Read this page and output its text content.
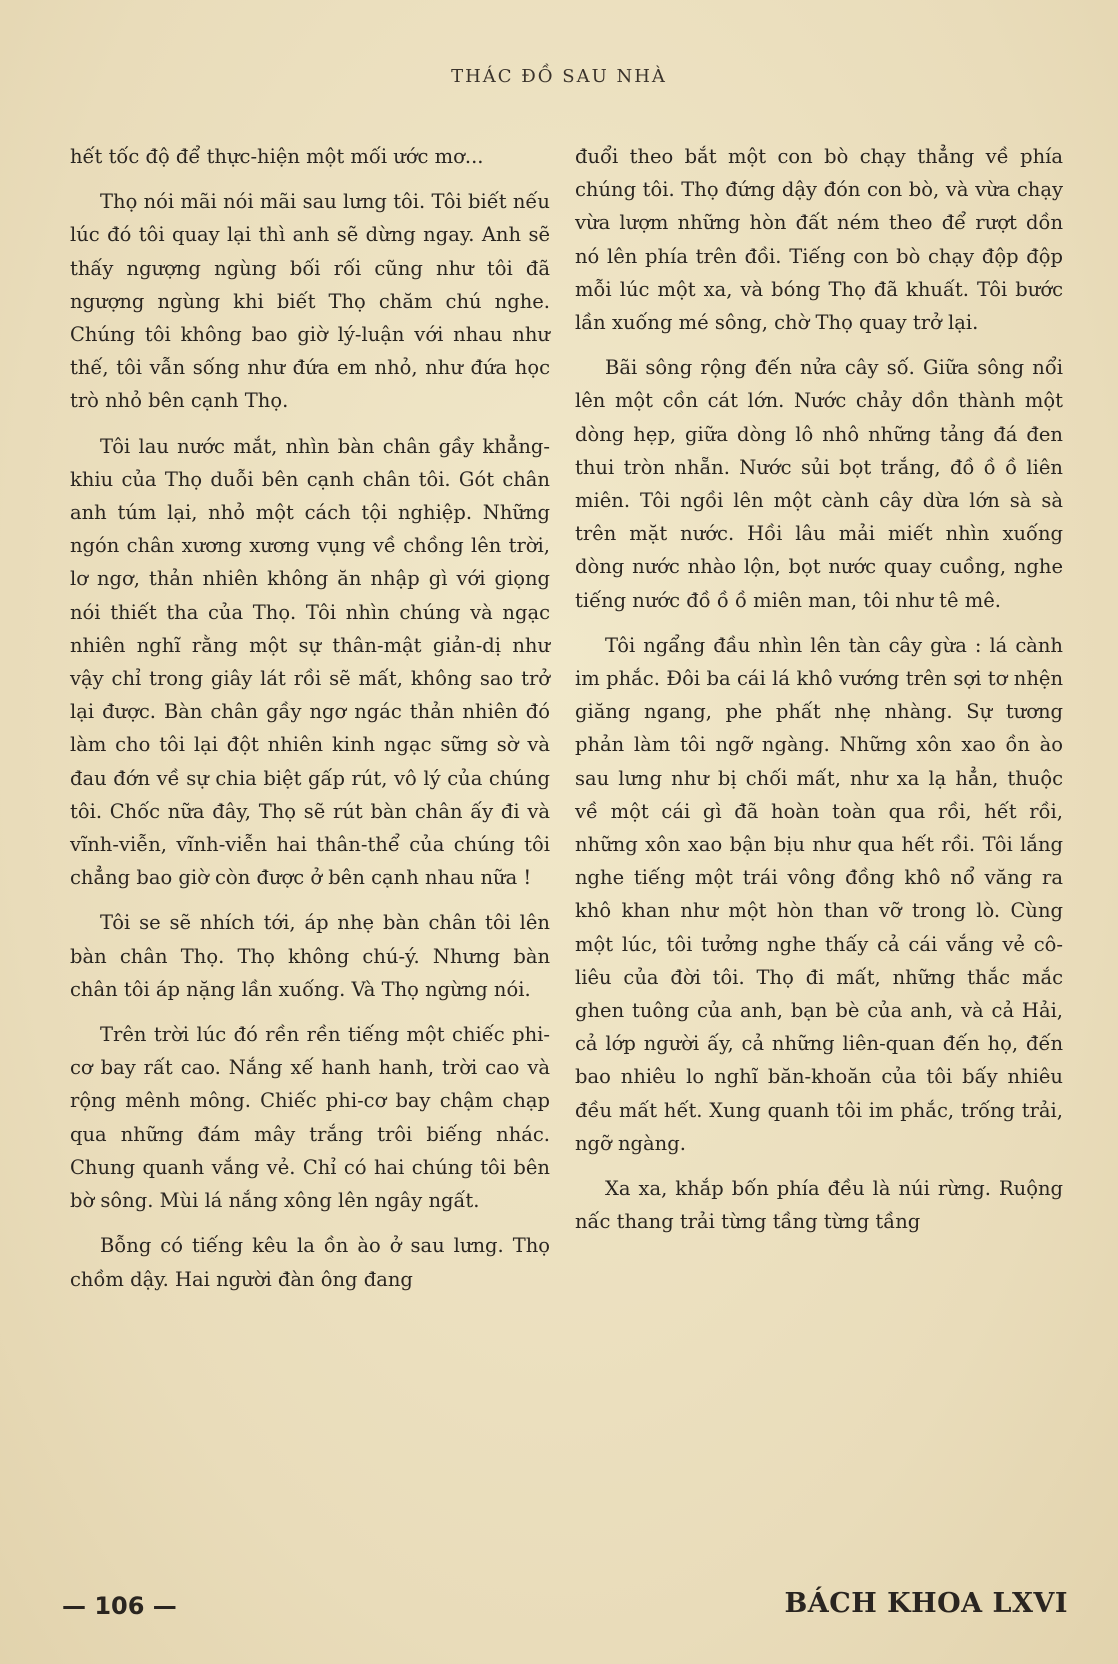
THÁC ĐỒ SAU NHÀ

hết tốc độ để thực-hiện một mối ước mơ...

Thọ nói mãi nói mãi sau lưng tôi. Tôi biết nếu lúc đó tôi quay lại thì anh sẽ dừng ngay. Anh sẽ thấy ngượng ngùng bối rối cũng như tôi đã ngượng ngùng khi biết Thọ chăm chú nghe. Chúng tôi không bao giờ lý-luận với nhau như thế, tôi vẫn sống như đứa em nhỏ, như đứa học trò nhỏ bên cạnh Thọ.

Tôi lau nước mắt, nhìn bàn chân gầy khẳng-khiu của Thọ duỗi bên cạnh chân tôi. Gót chân anh túm lại, nhỏ một cách tội nghiệp. Những ngón chân xương xương vụng về chồng lên trời, lơ ngơ, thản nhiên không ăn nhập gì với giọng nói thiết tha của Thọ. Tôi nhìn chúng và ngạc nhiên nghĩ rằng một sự thân-mật giản-dị như vậy chỉ trong giây lát rồi sẽ mất, không sao trở lại được. Bàn chân gầy ngơ ngác thản nhiên đó làm cho tôi lại đột nhiên kinh ngạc sững sờ và đau đớn về sự chia biệt gấp rút, vô lý của chúng tôi. Chốc nữa đây, Thọ sẽ rút bàn chân ấy đi và vĩnh-viễn, vĩnh-viễn hai thân-thể của chúng tôi chẳng bao giờ còn được ở bên cạnh nhau nữa !

Tôi se sẽ nhích tới, áp nhẹ bàn chân tôi lên bàn chân Thọ. Thọ không chú-ý. Nhưng bàn chân tôi áp nặng lần xuống. Và Thọ ngừng nói.

Trên trời lúc đó rền rền tiếng một chiếc phi-cơ bay rất cao. Nắng xế hanh hanh, trời cao và rộng mênh mông. Chiếc phi-cơ bay chậm chạp qua những đám mây trắng trôi biếng nhác. Chung quanh vắng vẻ. Chỉ có hai chúng tôi bên bờ sông. Mùi lá nắng xông lên ngây ngất.

Bỗng có tiếng kêu la ồn ào ở sau lưng. Thọ chồm dậy. Hai người đàn ông đang

đuổi theo bắt một con bò chạy thẳng về phía chúng tôi. Thọ đứng dậy đón con bò, và vừa chạy vừa lượm những hòn đất ném theo để rượt dồn nó lên phía trên đồi. Tiếng con bò chạy độp độp mỗi lúc một xa, và bóng Thọ đã khuất. Tôi bước lần xuống mé sông, chờ Thọ quay trở lại.

Bãi sông rộng đến nửa cây số. Giữa sông nổi lên một cồn cát lớn. Nước chảy dồn thành một dòng hẹp, giữa dòng lô nhô những tảng đá đen thui tròn nhẵn. Nước sủi bọt trắng, đồ ồ ồ liên miên. Tôi ngồi lên một cành cây dừa lớn sà sà trên mặt nước. Hồi lâu mải miết nhìn xuống dòng nước nhào lộn, bọt nước quay cuồng, nghe tiếng nước đồ ồ ồ miên man, tôi như tê mê.

Tôi ngẩng đầu nhìn lên tàn cây gừa : lá cành im phắc. Đôi ba cái lá khô vướng trên sợi tơ nhện giăng ngang, phe phất nhẹ nhàng. Sự tương phản làm tôi ngỡ ngàng. Những xôn xao ồn ào sau lưng như bị chối mất, như xa lạ hẳn, thuộc về một cái gì đã hoàn toàn qua rồi, hết rồi, những xôn xao bận bịu như qua hết rồi. Tôi lắng nghe tiếng một trái vông đồng khô nổ văng ra khô khan như một hòn than vỡ trong lò. Cùng một lúc, tôi tưởng nghe thấy cả cái vắng vẻ cô-liêu của đời tôi. Thọ đi mất, những thắc mắc ghen tuông của anh, bạn bè của anh, và cả Hải, cả lớp người ấy, cả những liên-quan đến họ, đến bao nhiêu lo nghĩ băn-khoăn của tôi bấy nhiêu đều mất hết. Xung quanh tôi im phắc, trống trải, ngỡ ngàng.

Xa xa, khắp bốn phía đều là núi rừng. Ruộng nấc thang trải từng tầng từng tầng

— 106 —	BÁCH KHOA LXVI
